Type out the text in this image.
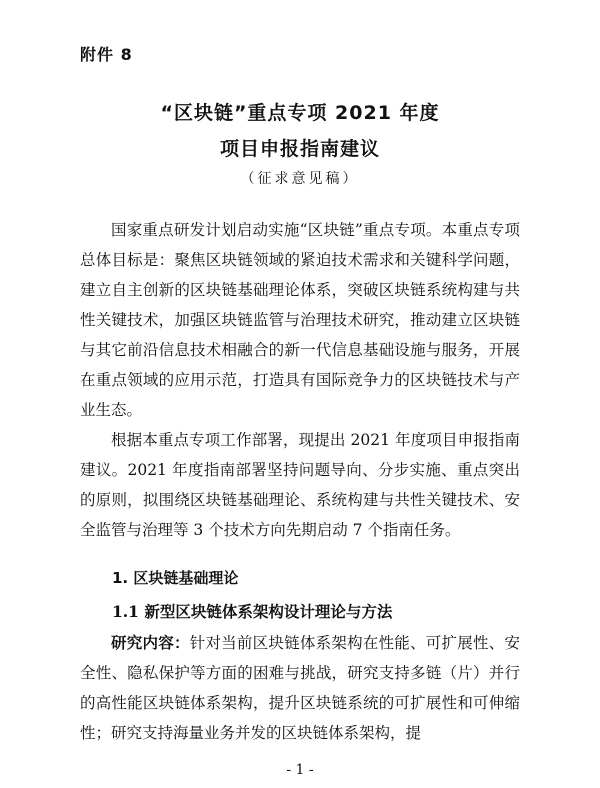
附件 8
“区块链”重点专项 2021 年度
项目申报指南建议
（征求意见稿）

国家重点研发计划启动实施“区块链”重点专项。本重点专项总体目标是：聚焦区块链领域的紧迫技术需求和关键科学问题，建立自主创新的区块链基础理论体系，突破区块链系统构建与共性关键技术，加强区块链监管与治理技术研究，推动建立区块链与其它前沿信息技术相融合的新一代信息基础设施与服务，开展在重点领域的应用示范，打造具有国际竞争力的区块链技术与产业生态。

根据本重点专项工作部署，现提出 2021 年度项目申报指南建议。2021 年度指南部署坚持问题导向、分步实施、重点突出的原则，拟围绕区块链基础理论、系统构建与共性关键技术、安全监管与治理等 3 个技术方向先期启动 7 个指南任务。

1. 区块链基础理论
1.1 新型区块链体系架构设计理论与方法

研究内容：针对当前区块链体系架构在性能、可扩展性、安全性、隐私保护等方面的困难与挑战，研究支持多链（片）并行的高性能区块链体系架构，提升区块链系统的可扩展性和可伸缩性；研究支持海量业务并发的区块链体系架构，提

- 1 -
